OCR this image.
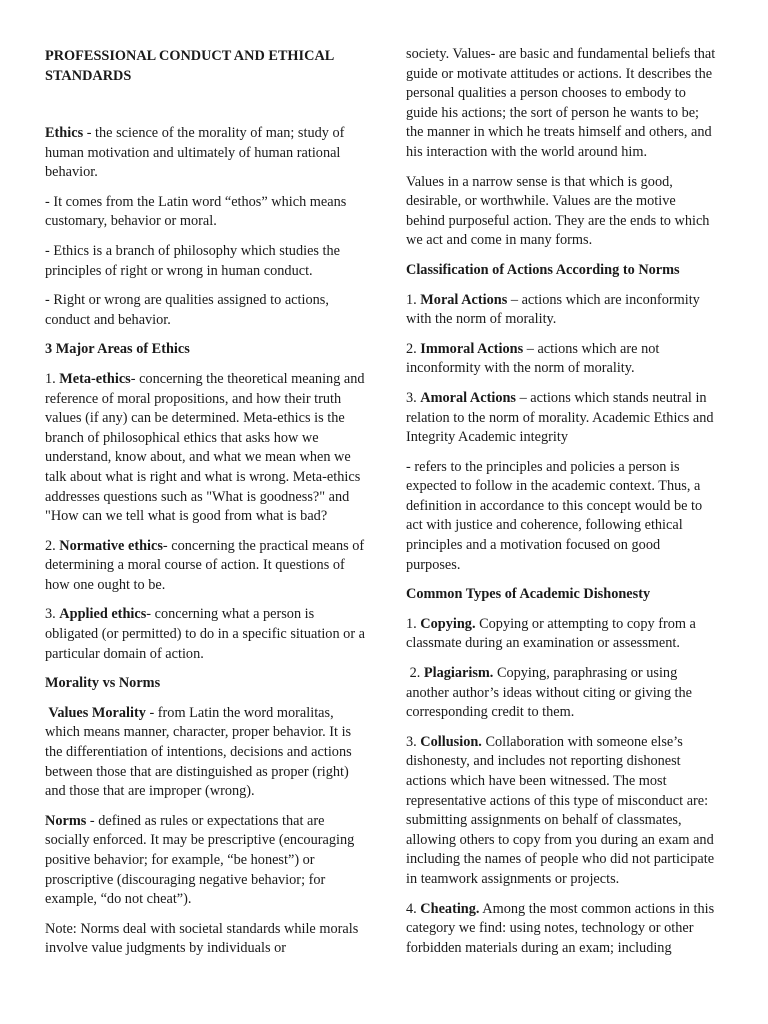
PROFESSIONAL CONDUCT AND ETHICAL STANDARDS

Ethics - the science of the morality of man; study of human motivation and ultimately of human rational behavior.

- It comes from the Latin word “ethos” which means customary, behavior or moral.

- Ethics is a branch of philosophy which studies the principles of right or wrong in human conduct.

- Right or wrong are qualities assigned to actions, conduct and behavior.

3 Major Areas of Ethics

1. Meta-ethics- concerning the theoretical meaning and reference of moral propositions, and how their truth values (if any) can be determined. Meta-ethics is the branch of philosophical ethics that asks how we understand, know about, and what we mean when we talk about what is right and what is wrong. Meta-ethics addresses questions such as "What is goodness?" and "How can we tell what is good from what is bad?

2. Normative ethics- concerning the practical means of determining a moral course of action. It questions of how one ought to be.

3. Applied ethics- concerning what a person is obligated (or permitted) to do in a specific situation or a particular domain of action.

Morality vs Norms

Values Morality - from Latin the word moralitas, which means manner, character, proper behavior. It is the differentiation of intentions, decisions and actions between those that are distinguished as proper (right) and those that are improper (wrong).

Norms - defined as rules or expectations that are socially enforced. It may be prescriptive (encouraging positive behavior; for example, “be honest”) or proscriptive (discouraging negative behavior; for example, “do not cheat”).

Note: Norms deal with societal standards while morals involve value judgments by individuals or

society. Values- are basic and fundamental beliefs that guide or motivate attitudes or actions. It describes the personal qualities a person chooses to embody to guide his actions; the sort of person he wants to be; the manner in which he treats himself and others, and his interaction with the world around him.

Values in a narrow sense is that which is good, desirable, or worthwhile. Values are the motive behind purposeful action. They are the ends to which we act and come in many forms.

Classification of Actions According to Norms

1. Moral Actions – actions which are inconformity with the norm of morality.

2. Immoral Actions – actions which are not inconformity with the norm of morality.

3. Amoral Actions – actions which stands neutral in relation to the norm of morality. Academic Ethics and Integrity Academic integrity

- refers to the principles and policies a person is expected to follow in the academic context. Thus, a definition in accordance to this concept would be to act with justice and coherence, following ethical principles and a motivation focused on good purposes.

Common Types of Academic Dishonesty

1. Copying. Copying or attempting to copy from a classmate during an examination or assessment.

2. Plagiarism. Copying, paraphrasing or using another author’s ideas without citing or giving the corresponding credit to them.

3. Collusion. Collaboration with someone else’s dishonesty, and includes not reporting dishonest actions which have been witnessed. The most representative actions of this type of misconduct are: submitting assignments on behalf of classmates, allowing others to copy from you during an exam and including the names of people who did not participate in teamwork assignments or projects.

4. Cheating. Among the most common actions in this category we find: using notes, technology or other forbidden materials during an exam; including
